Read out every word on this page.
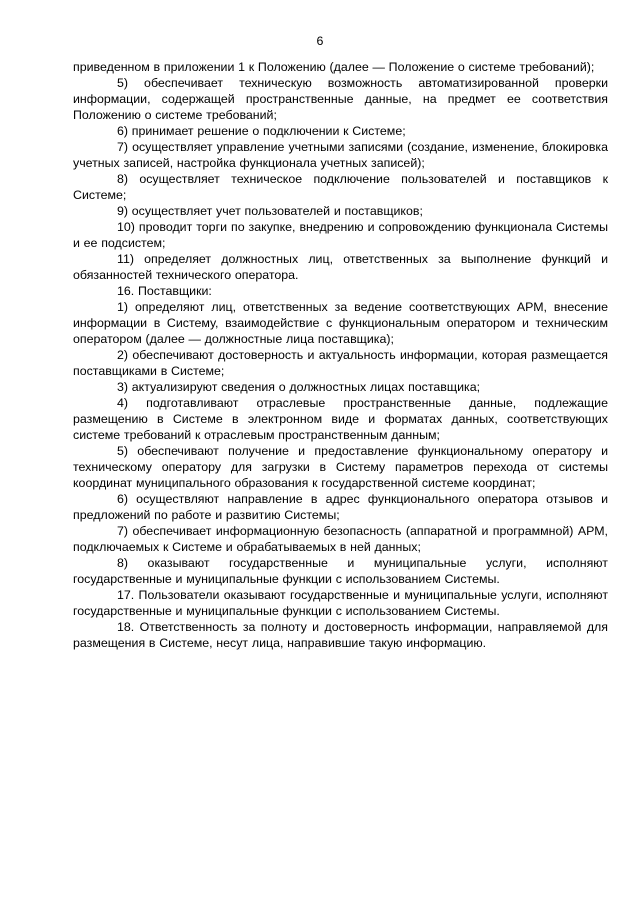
6

приведенном в приложении 1 к Положению (далее — Положение о системе требований);

5) обеспечивает техническую возможность автоматизированной проверки информации, содержащей пространственные данные, на предмет ее соответствия Положению о системе требований;

6) принимает решение о подключении к Системе;

7) осуществляет управление учетными записями (создание, изменение, блокировка учетных записей, настройка функционала учетных записей);

8) осуществляет техническое подключение пользователей и поставщиков к Системе;

9) осуществляет учет пользователей и поставщиков;

10) проводит торги по закупке, внедрению и сопровождению функционала Системы и ее подсистем;

11) определяет должностных лиц, ответственных за выполнение функций и обязанностей технического оператора.

16. Поставщики:

1) определяют лиц, ответственных за ведение соответствующих АРМ, внесение информации в Систему, взаимодействие с функциональным оператором и техническим оператором (далее — должностные лица поставщика);

2) обеспечивают достоверность и актуальность информации, которая размещается поставщиками в Системе;

3) актуализируют сведения о должностных лицах поставщика;

4) подготавливают отраслевые пространственные данные, подлежащие размещению в Системе в электронном виде и форматах данных, соответствующих системе требований к отраслевым пространственным данным;

5) обеспечивают получение и предоставление функциональному оператору и техническому оператору для загрузки в Систему параметров перехода от системы координат муниципального образования к государственной системе координат;

6) осуществляют направление в адрес функционального оператора отзывов и предложений по работе и развитию Системы;

7) обеспечивает информационную безопасность (аппаратной и программной) АРМ, подключаемых к Системе и обрабатываемых в ней данных;

8) оказывают государственные и муниципальные услуги, исполняют государственные и муниципальные функции с использованием Системы.

17. Пользователи оказывают государственные и муниципальные услуги, исполняют государственные и муниципальные функции с использованием Системы.

18. Ответственность за полноту и достоверность информации, направляемой для размещения в Системе, несут лица, направившие такую информацию.
